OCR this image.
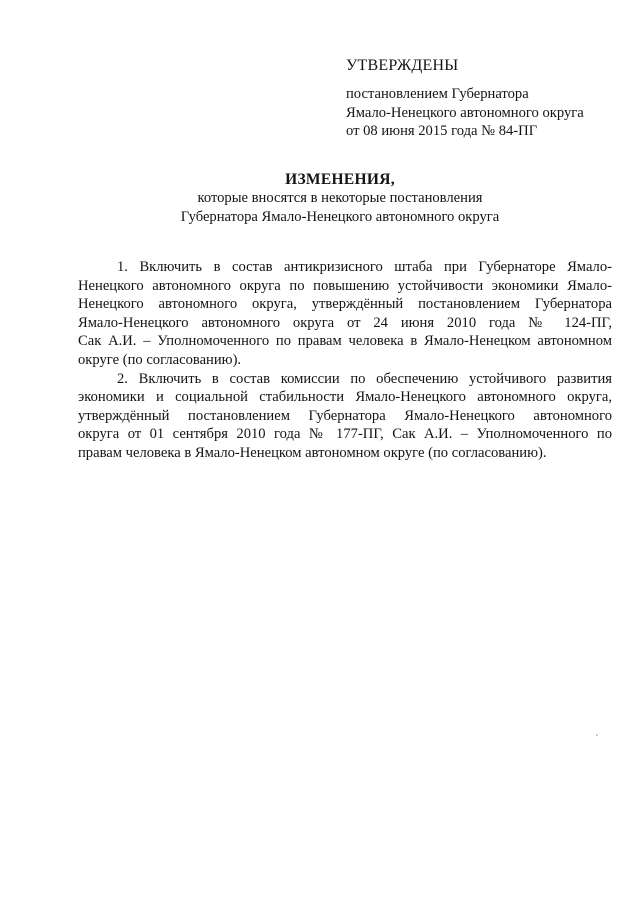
УТВЕРЖДЕНЫ
постановлением Губернатора
Ямало-Ненецкого автономного округа
от 08 июня 2015 года № 84-ПГ
ИЗМЕНЕНИЯ,
которые вносятся в некоторые постановления
Губернатора Ямало-Ненецкого автономного округа
1. Включить в состав антикризисного штаба при Губернаторе Ямало-
Ненецкого автономного округа по повышению устойчивости экономики Ямало-
Ненецкого автономного округа, утверждённый постановлением Губернатора
Ямало-Ненецкого автономного округа от 24 июня 2010 года № 124-ПГ,
Сак А.И. – Уполномоченного по правам человека в Ямало-Ненецком автономном
округе (по согласованию).
2. Включить в состав комиссии по обеспечению устойчивого развития
экономики и социальной стабильности Ямало-Ненецкого автономного округа,
утверждённый постановлением Губернатора Ямало-Ненецкого автономного
округа от 01 сентября 2010 года № 177-ПГ, Сак А.И. – Уполномоченного по
правам человека в Ямало-Ненецком автономном округе (по согласованию).
